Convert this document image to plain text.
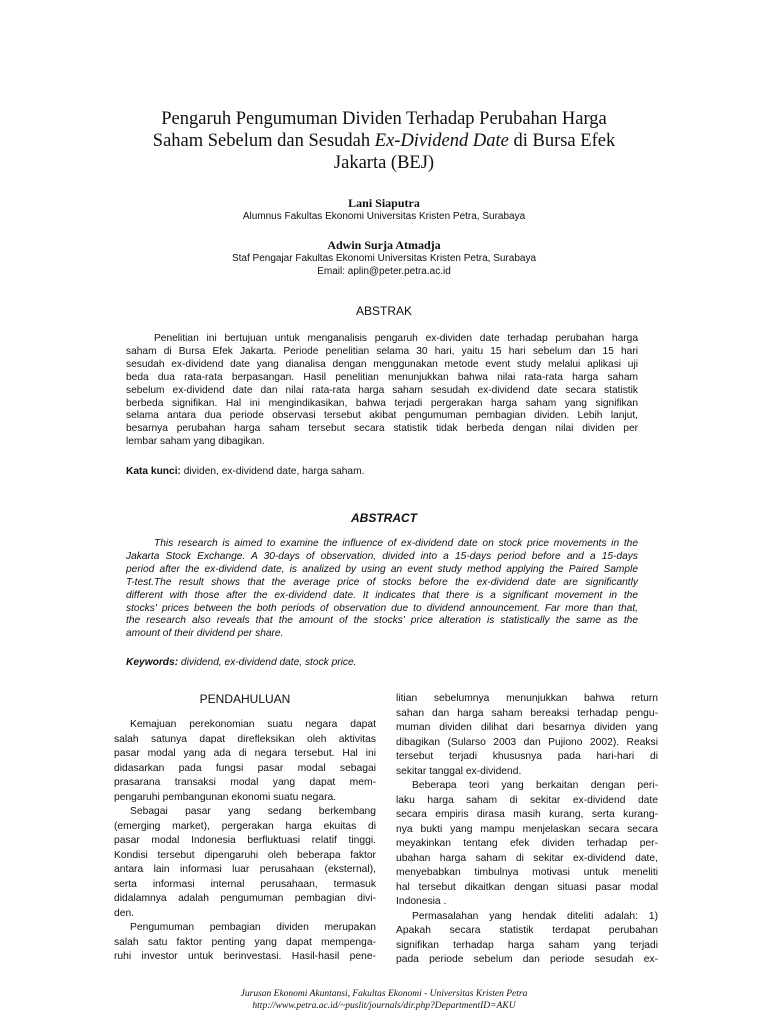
Pengaruh Pengumuman Dividen Terhadap Perubahan Harga
Saham Sebelum dan Sesudah Ex-Dividend Date di Bursa Efek
Jakarta (BEJ)
Lani Siaputra
Alumnus Fakultas Ekonomi Universitas Kristen Petra, Surabaya
Adwin Surja Atmadja
Staf Pengajar Fakultas Ekonomi Universitas Kristen Petra, Surabaya
Email: aplin@peter.petra.ac.id
ABSTRAK
Penelitian ini bertujuan untuk menganalisis pengaruh ex-dividen date terhadap perubahan harga
saham di Bursa Efek Jakarta. Periode penelitian selama 30 hari, yaitu 15 hari sebelum dan 15 hari
sesudah ex-dividend date yang dianalisa dengan menggunakan metode event study melalui aplikasi uji
beda dua rata-rata berpasangan. Hasil penelitian menunjukkan bahwa nilai rata-rata harga saham
sebelum ex-dividend date dan nilai rata-rata harga saham sesudah ex-dividend date secara statistik
berbeda signifikan. Hal ini mengindikasikan, bahwa terjadi pergerakan harga saham yang signifikan
selama antara dua periode observasi tersebut akibat pengumuman pembagian dividen. Lebih lanjut,
besarnya perubahan harga saham tersebut secara statistik tidak berbeda dengan nilai dividen per
lembar saham yang dibagikan.
Kata kunci: dividen, ex-dividend date, harga saham.
ABSTRACT
This research is aimed to examine the influence of ex-dividend date on stock price movements in the
Jakarta Stock Exchange. A 30-days of observation, divided into a 15-days period before and a 15-days
period after the ex-dividend date, is analized by using an event study method applying the Paired Sample
T-test.The result shows that the average price of stocks before the ex-dividend date are significantly
different with those after the ex-dividend date. It indicates that there is a significant movement in the
stocks' prices between the both periods of observation due to dividend announcement. Far more than that,
the research also reveals that the amount of the stocks' price alteration is statistically the same as the
amount of their dividend per share.
Keywords: dividend, ex-dividend date, stock price.
PENDAHULUAN
Kemajuan perekonomian suatu negara dapat
salah satunya dapat direfleksikan oleh aktivitas
pasar modal yang ada di negara tersebut. Hal ini
didasarkan pada fungsi pasar modal sebagai
prasarana transaksi modal yang dapat mem-
pengaruhi pembangunan ekonomi suatu negara.
Sebagai pasar yang sedang berkembang
(emerging market), pergerakan harga ekuitas di
pasar modal Indonesia berfluktuasi relatif tinggi.
Kondisi tersebut dipengaruhi oleh beberapa faktor
antara lain informasi luar perusahaan (eksternal),
serta informasi internal perusahaan, termasuk
didalamnya adalah pengumuman pembagian divi-
den.
Pengumuman pembagian dividen merupakan
salah satu faktor penting yang dapat mempenga-
ruhi investor untuk berinvestasi. Hasil-hasil pene-
litian sebelumnya menunjukkan bahwa return
sahan dan harga saham bereaksi terhadap pengu-
muman dividen dilihat dari besarnya dividen yang
dibagikan (Sularso 2003 dan Pujiono 2002). Reaksi
tersebut terjadi khususnya pada hari-hari di
sekitar tanggal ex-dividend.
Beberapa teori yang berkaitan dengan peri-
laku harga saham di sekitar ex-dividend date
secara empiris dirasa masih kurang, serta kurang-
nya bukti yang mampu menjelaskan secara secara
meyakinkan tentang efek dividen terhadap per-
ubahan harga saham di sekitar ex-dividend date,
menyebabkan timbulnya motivasi untuk meneliti
hal tersebut dikaitkan dengan situasi pasar modal
Indonesia .
Permasalahan yang hendak diteliti adalah: 1)
Apakah secara statistik terdapat perubahan
signifikan terhadap harga saham yang terjadi
pada periode sebelum dan periode sesudah ex-
Jurusan Ekonomi Akuntansi, Fakultas Ekonomi - Universitas Kristen Petra
http://www.petra.ac.id/~puslit/journals/dir.php?DepartmentID=AKU
